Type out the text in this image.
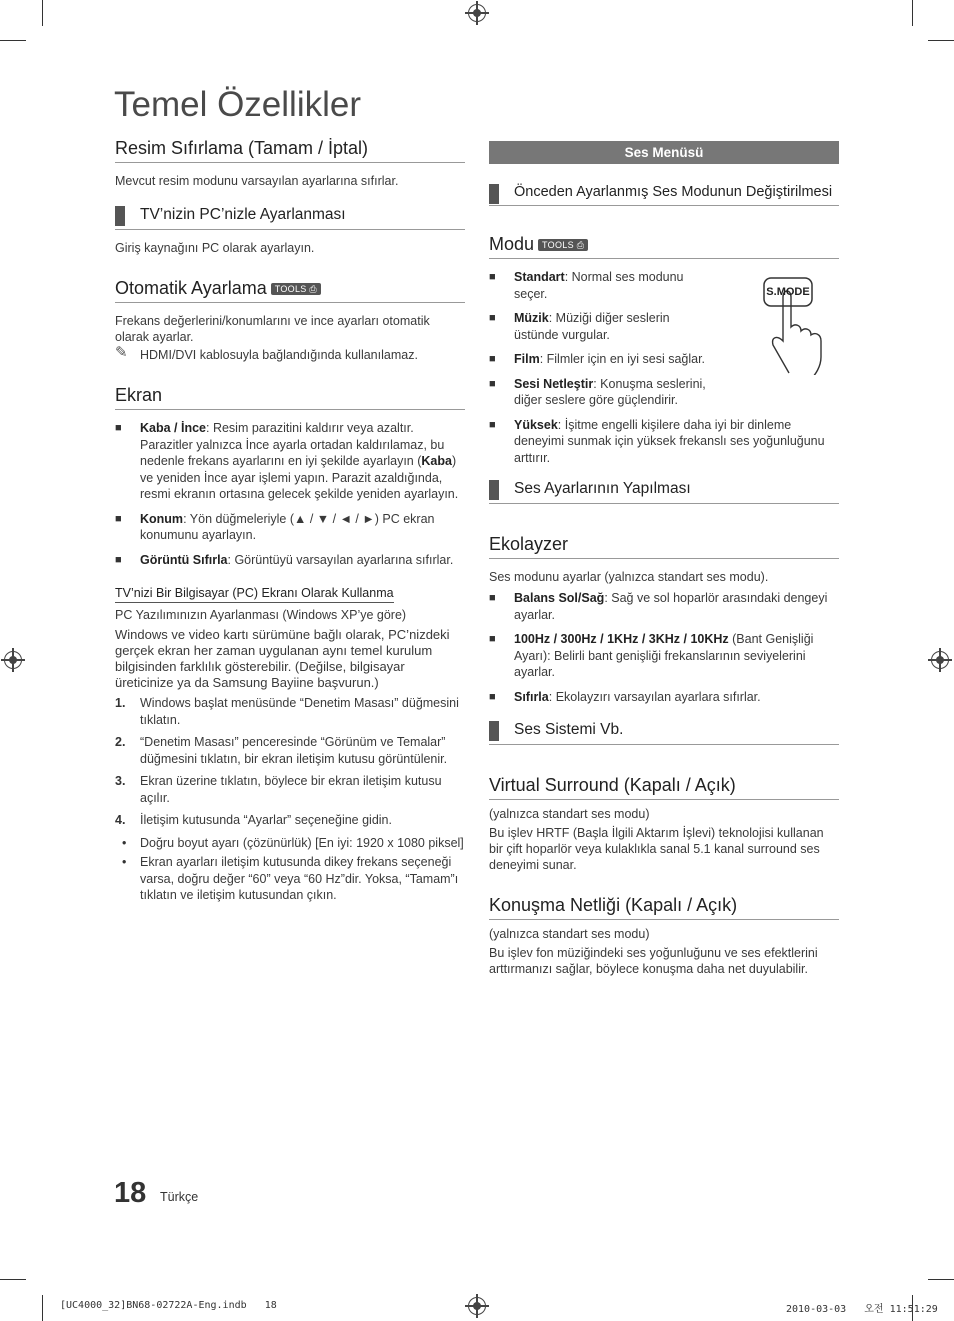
Temel Özellikler
Resim Sıfırlama (Tamam / İptal)

Mevcut resim modunu varsayılan ayarlarına sıfırlar.

TV’nizin PC’nizle Ayarlanması

Giriş kaynağını PC olarak ayarlayın.

Otomatik Ayarlama TOOLS ⎙

Frekans değerlerini/konumlarını ve ince ayarları otomatik olarak ayarlar.

✎ HDMI/DVI kablosuyla bağlandığında kullanılamaz.
Ekran
■ Kaba / İnce: Resim parazitini kaldırır veya azaltır. Parazitler yalnızca İnce ayarla ortadan kaldırılamaz, bu nedenle frekans ayarlarını en iyi şekilde ayarlayın (Kaba) ve yeniden İnce ayar işlemi yapın. Parazit azaldığında, resmi ekranın ortasına gelecek şekilde yeniden ayarlayın.
■ Konum: Yön düğmeleriyle (▲ / ▼ / ◄ / ►) PC ekran konumunu ayarlayın.
■ Görüntü Sıfırla: Görüntüyü varsayılan ayarlarına sıfırlar.
TV’nizi Bir Bilgisayar (PC) Ekranı Olarak Kullanma

PC Yazılımınızın Ayarlanması (Windows XP’ye göre)

Windows ve video kartı sürümüne bağlı olarak, PC’nizdeki gerçek ekran her zaman uygulanan aynı temel kurulum bilgisinden farklılık gösterebilir. (Değilse, bilgisayar üreticinize ya da Samsung Bayiine başvurun.)

1. Windows başlat menüsünde “Denetim Masası” düğmesini tıklatın.
2. “Denetim Masası” penceresinde “Görünüm ve Temalar” düğmesini tıklatın, bir ekran iletişim kutusu görüntülenir.
3. Ekran üzerine tıklatın, böylece bir ekran iletişim kutusu açılır.
4. İletişim kutusunda “Ayarlar” seçeneğine gidin.
• Doğru boyut ayarı (çözünürlük) [En iyi: 1920 x 1080 piksel]
• Ekran ayarları iletişim kutusunda dikey frekans seçeneği varsa, doğru değer “60” veya “60 Hz”dir. Yoksa, “Tamam”ı tıklatın ve iletişim kutusundan çıkın.
Ses Menüsü
Önceden Ayarlanmış Ses Modunun Değiştirilmesi
Modu TOOLS ⎙
S.MODE
■ Standart: Normal ses modunu seçer.
■ Müzik: Müziği diğer seslerin üstünde vurgular.
■ Film: Filmler için en iyi sesi sağlar.
■ Sesi Netleştir: Konuşma seslerini, diğer seslere göre güçlendirir.
■ Yüksek: İşitme engelli kişilere daha iyi bir dinleme deneyimi sunmak için yüksek frekanslı ses yoğunluğunu arttırır.
Ses Ayarlarının Yapılması
Ekolayzer

Ses modunu ayarlar (yalnızca standart ses modu).

■ Balans Sol/Sağ: Sağ ve sol hoparlör arasındaki dengeyi ayarlar.
■ 100Hz / 300Hz / 1KHz / 3KHz / 10KHz (Bant Genişliği Ayarı): Belirli bant genişliği frekanslarının seviyelerini ayarlar.
■ Sıfırla: Ekolayzırı varsayılan ayarlara sıfırlar.
Ses Sistemi Vb.
Virtual Surround (Kapalı / Açık)

(yalnızca standart ses modu)

Bu işlev HRTF (Başla İlgili Aktarım İşlevi) teknolojisi kullanan bir çift hoparlör veya kulaklıkla sanal 5.1 kanal surround ses deneyimi sunar.

Konuşma Netliği (Kapalı / Açık)

(yalnızca standart ses modu)

Bu işlev fon müziğindeki ses yoğunluğunu ve ses efektlerini arttırmanızı sağlar, böylece konuşma daha net duyulabilir.

18 Türkçe
[UC4000_32]BN68-02722A-Eng.indb   18	2010-03-03   오전 11:51:29
